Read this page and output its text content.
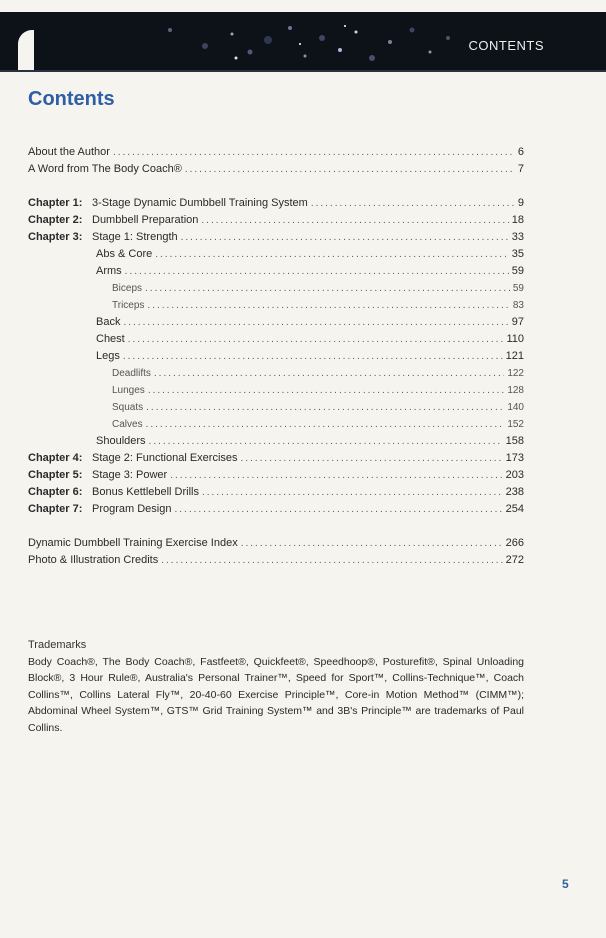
CONTENTS
Contents
About the Author .....	6
A Word from The Body Coach® .....	7
Chapter 1: 3-Stage Dynamic Dumbbell Training System .....	9
Chapter 2: Dumbbell Preparation .....	18
Chapter 3: Stage 1: Strength .....	33
Abs & Core .....	35
Arms .....	59
Biceps .....	59
Triceps .....	83
Back .....	97
Chest .....	110
Legs .....	121
Deadlifts .....	122
Lunges .....	128
Squats .....	140
Calves .....	152
Shoulders .....	158
Chapter 4: Stage 2: Functional Exercises .....	173
Chapter 5: Stage 3: Power .....	203
Chapter 6: Bonus Kettlebell Drills .....	238
Chapter 7: Program Design .....	254
Dynamic Dumbbell Training Exercise Index .....	266
Photo & Illustration Credits .....	272
Trademarks
Body Coach®, The Body Coach®, Fastfeet®, Quickfeet®, Speedhoop®, Posturefit®, Spinal Unloading Block®, 3 Hour Rule®, Australia's Personal Trainer™, Speed for Sport™, Collins-Technique™, Coach Collins™, Collins Lateral Fly™, 20-40-60 Exercise Principle™, Core-in Motion Method™ (CIMM™); Abdominal Wheel System™, GTS™ Grid Training System™ and 3B's Principle™ are trademarks of Paul Collins.
5
